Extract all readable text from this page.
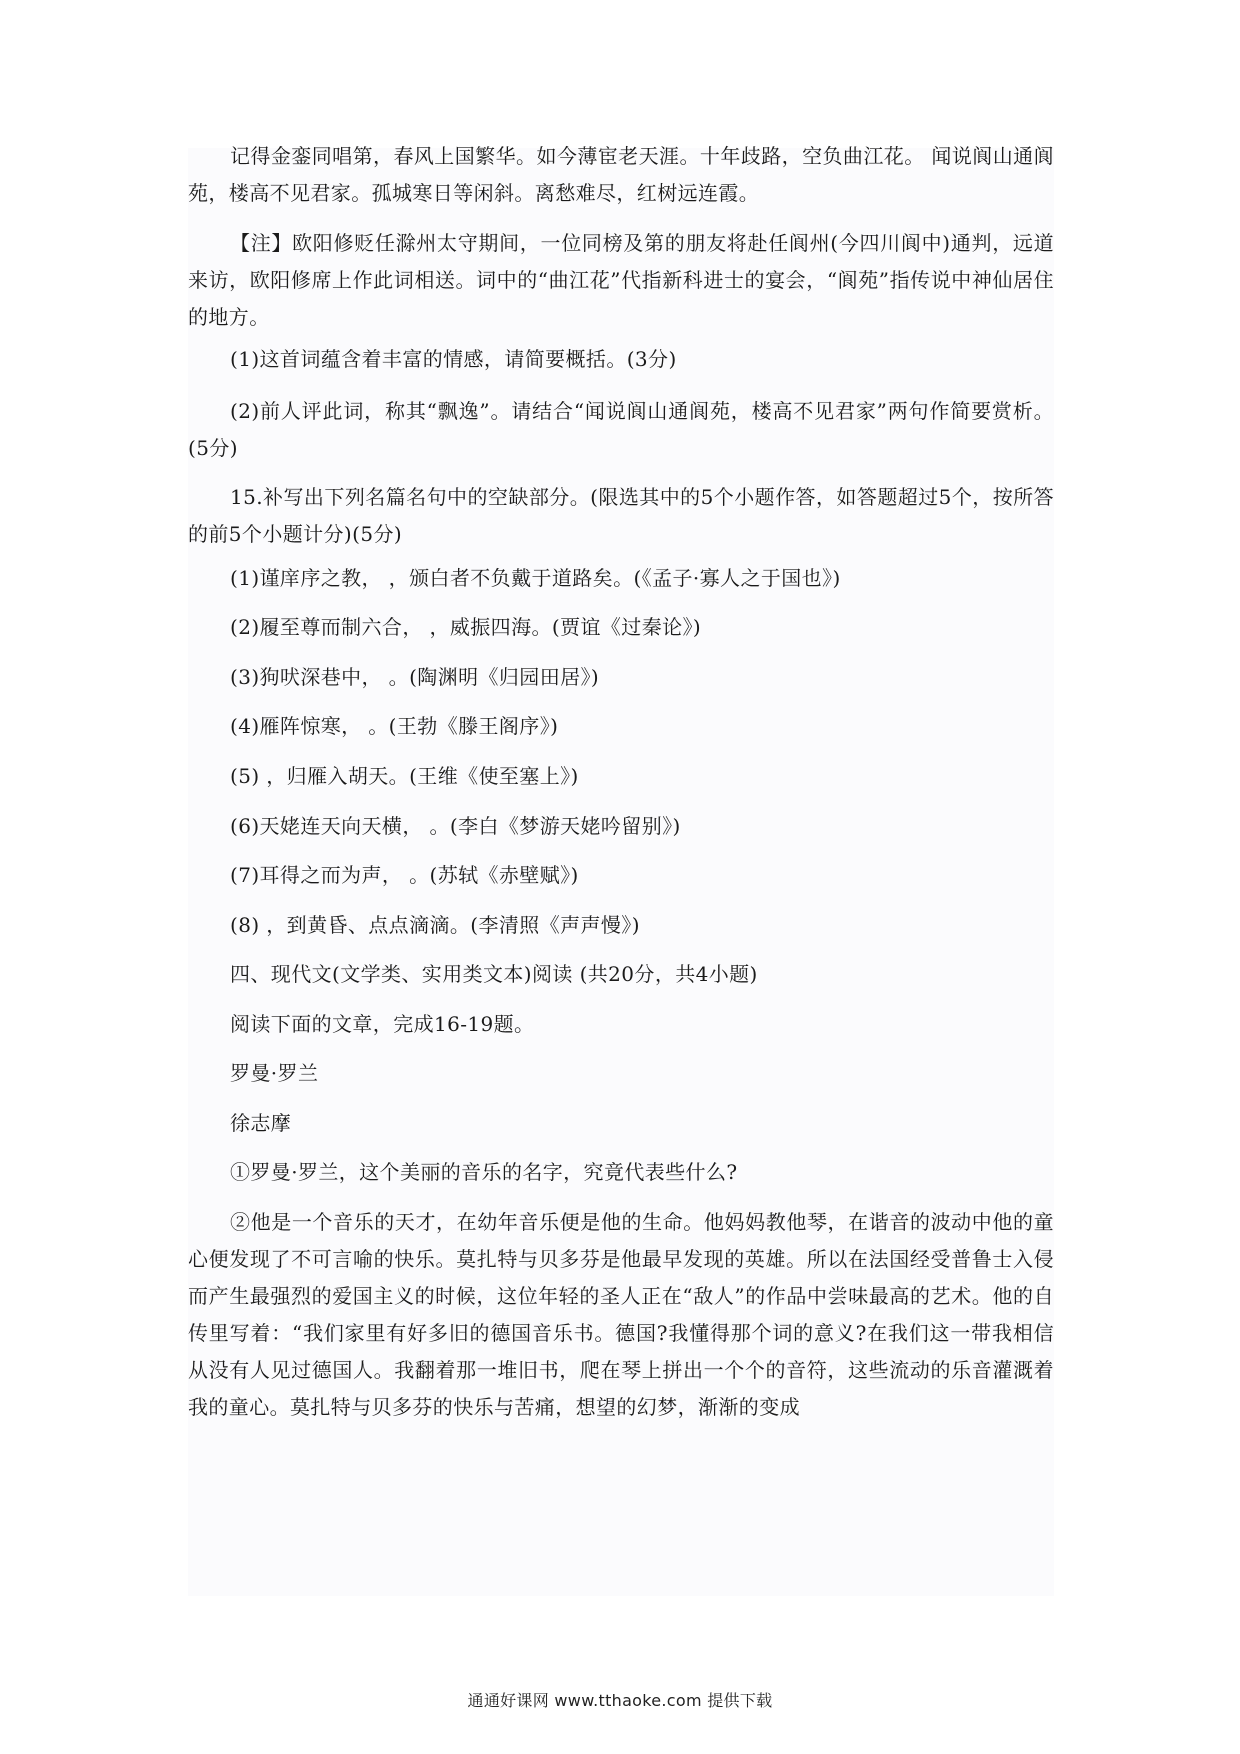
记得金銮同唱第，春风上国繁华。如今薄宦老天涯。十年歧路，空负曲江花。 闻说阆山通阆苑，楼高不见君家。孤城寒日等闲斜。离愁难尽，红树远连霞。

【注】欧阳修贬任滁州太守期间，一位同榜及第的朋友将赴任阆州(今四川阆中)通判，远道来访，欧阳修席上作此词相送。词中的“曲江花”代指新科进士的宴会，“阆苑”指传说中神仙居住的地方。

(1)这首词蕴含着丰富的情感，请简要概括。(3分)

(2)前人评此词，称其“飘逸”。请结合“闻说阆山通阆苑，楼高不见君家”两句作简要赏析。(5分)

15.补写出下列名篇名句中的空缺部分。(限选其中的5个小题作答，如答题超过5个，按所答的前5个小题计分)(5分)

(1)谨庠序之教， ，颁白者不负戴于道路矣。(《孟子·寡人之于国也》)
(2)履至尊而制六合， ，威振四海。(贾谊《过秦论》)
(3)狗吠深巷中， 。(陶渊明《归园田居》)
(4)雁阵惊寒， 。(王勃《滕王阁序》)
(5) ，归雁入胡天。(王维《使至塞上》)
(6)天姥连天向天横， 。(李白《梦游天姥吟留别》)
(7)耳得之而为声， 。(苏轼《赤壁赋》)
(8) ，到黄昏、点点滴滴。(李清照《声声慢》)
四、现代文(文学类、实用类文本)阅读 (共20分，共4小题)
阅读下面的文章，完成16-19题。
罗曼·罗兰
徐志摩
①罗曼·罗兰，这个美丽的音乐的名字，究竟代表些什么?

②他是一个音乐的天才，在幼年音乐便是他的生命。他妈妈教他琴，在谐音的波动中他的童心便发现了不可言喻的快乐。莫扎特与贝多芬是他最早发现的英雄。所以在法国经受普鲁士入侵而产生最强烈的爱国主义的时候，这位年轻的圣人正在“敌人”的作品中尝味最高的艺术。他的自传里写着：“我们家里有好多旧的德国音乐书。德国?我懂得那个词的意义?在我们这一带我相信从没有人见过德国人。我翻着那一堆旧书，爬在琴上拼出一个个的音符，这些流动的乐音灌溉着我的童心。莫扎特与贝多芬的快乐与苦痛，想望的幻梦，渐渐的变成

通通好课网 www.tthaoke.com 提供下载
